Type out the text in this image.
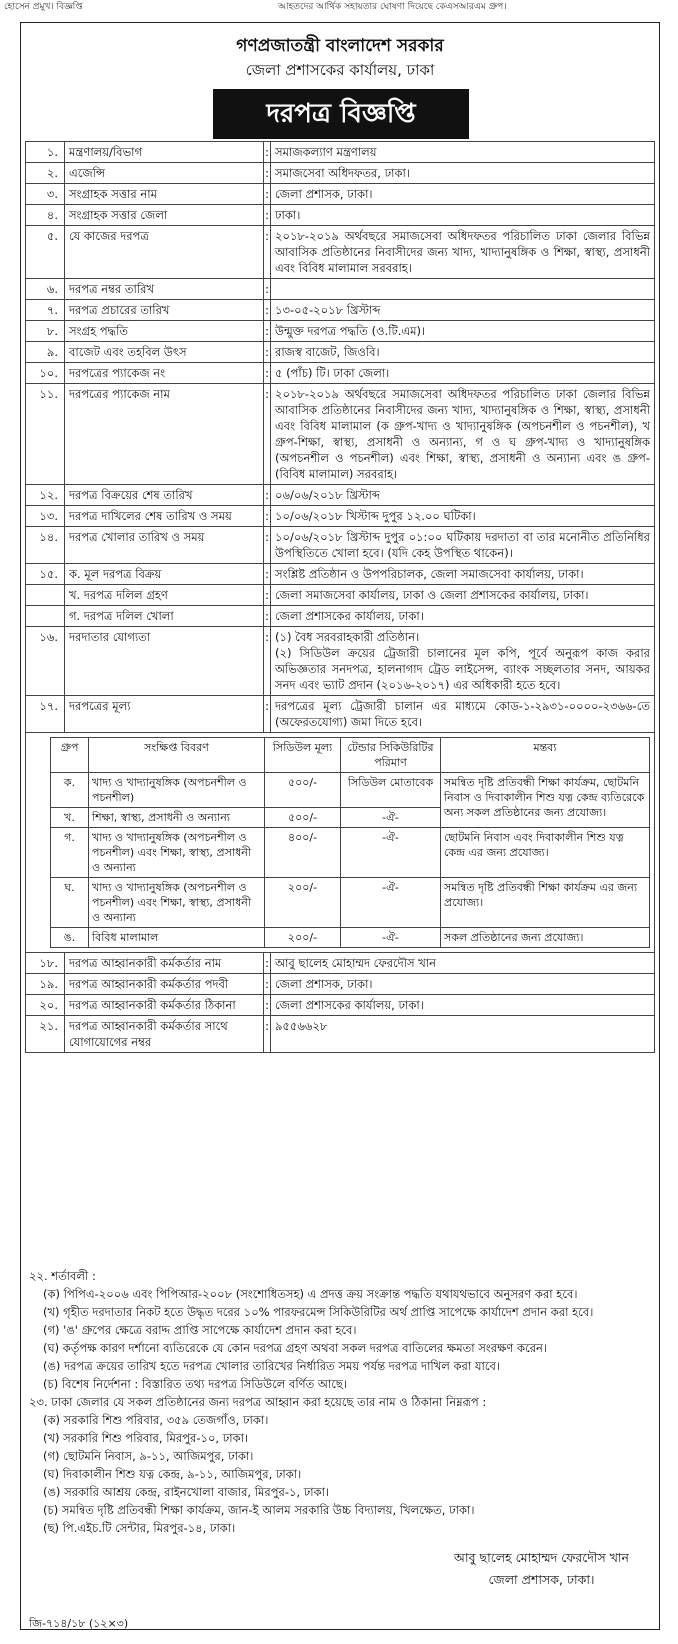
হোসেন প্রমুখ। বিজ্ঞপ্তি	আহতদের আর্থিক সহায়তার ঘোষণা দিয়েছে কেএসআরএম গ্রুপ।
গণপ্রজাতন্ত্রী বাংলাদেশ সরকার
জেলা প্রশাসকের কার্যালয়, ঢাকা
দরপত্র বিজ্ঞপ্তি
১.	মন্ত্রণালয়/বিভাগ	:	সমাজকল্যাণ মন্ত্রণালয়
২.	এজেন্সি	:	সমাজসেবা অধিদফতর, ঢাকা।
৩.	সংগ্রাহক সত্তার নাম	:	জেলা প্রশাসক, ঢাকা।
৪.	সংগ্রাহক সত্তার জেলা	:	ঢাকা।
৫.	যে কাজের দরপত্র	:	২০১৮-২০১৯ অর্থবছরে সমাজসেবা অধিদফতর পরিচালিত ঢাকা জেলার বিভিন্ন আবাসিক প্রতিষ্ঠানের নিবাসীদের জন্য খাদ্য, খাদ্যানুষঙ্গিক ও শিক্ষা, স্বাস্থ্য, প্রসাধনী এবং বিবিধ মালামাল সরবরাহ।
৬.	দরপত্র নম্বর তারিখ	:	
৭.	দরপত্র প্রচারের তারিখ	:	১৩-০৫-২০১৮ খ্রিস্টাব্দ
৮.	সংগ্রহ পদ্ধতি	:	উন্মুক্ত দরপত্র পদ্ধতি (ও.টি.এম)।
৯.	বাজেট এবং তহবিল উৎস	:	রাজস্ব বাজেট, জিওবি।
১০.	দরপত্রের প্যাকেজ নং	:	৫ (পাঁচ) টি। ঢাকা জেলা।
১১.	দরপত্রের প্যাকেজ নাম	:	২০১৮-২০১৯ অর্থবছরে সমাজসেবা অধিদফতর পরিচালিত ঢাকা জেলার বিভিন্ন আবাসিক প্রতিষ্ঠানের নিবাসীদের জন্য খাদ্য, খাদ্যানুষঙ্গিক ও শিক্ষা, স্বাস্থ্য, প্রসাধনী এবং বিবিধ মালামাল (ক গ্রুপ-খাদ্য ও খাদ্যানুষঙ্গিক (অপচনশীল ও পচনশীল), খ গ্রুপ-শিক্ষা, স্বাস্থ্য, প্রসাধনী ও অন্যান্য, গ ও ঘ গ্রুপ-খাদ্য ও খাদ্যানুষঙ্গিক (অপচনশীল ও পচনশীল) এবং শিক্ষা, স্বাস্থ্য, প্রসাধনী ও অন্যান্য এবং ঙ গ্রুপ-(বিবিধ মালামাল) সরবরাহ।
১২.	দরপত্র বিক্রয়ের শেষ তারিখ	:	০৬/০৬/২০১৮ খ্রিস্টাব্দ
১৩.	দরপত্র দাখিলের শেষ তারিখ ও সময়	:	১০/০৬/২০১৮ খিস্টাব্দ দুপুর ১২.০০ ঘটিকা।
১৪.	দরপত্র খোলার তারিখ ও সময়	:	১০/০৬/২০১৮ খ্রিস্টাব্দ দুপুর ০১:০০ ঘটিকায় দরদাতা বা তার মনোনীত প্রতিনিধির উপস্থিতিতে খোলা হবে। (যদি কেহ উপস্থিত থাকেন)।
১৫.	ক. মূল দরপত্র বিক্রয়	:	সংশ্লিষ্ট প্রতিষ্ঠান ও উপপরিচালক, জেলা সমাজসেবা কার্যালয়, ঢাকা।
	খ. দরপত্র দলিল গ্রহণ	:	জেলা সমাজসেবা কার্যালয়, ঢাকা ও জেলা প্রশাসকের কার্যালয়, ঢাকা।
	গ. দরপত্র দলিল খোলা	:	জেলা প্রশাসকের কার্যালয়, ঢাকা।
১৬.	দরদাতার যোগ্যতা	:	(১) বৈধ সরবরাহকারী প্রতিষ্ঠান।
(২) সিডিউল ক্রয়ের ট্রেজারী চালানের মূল কপি, পূর্বে অনুরূপ কাজ করার অভিজ্ঞতার সনদপত্র, হালনাগাদ ট্রেড লাইসেন্স, ব্যাংক সচ্ছলতার সনদ, আয়কর সনদ এবং ভ্যাট প্রদান (২০১৬-২০১৭) এর অধিকারী হতে হবে।

১৭.	দরপত্রের মূল্য	:	দরপত্রের মূল্য ট্রেজারী চালান এর মাধ্যমে কোড-১-২৯৩১-০০০০-২৩৬৬-তে (অফেরতযোগ্য) জমা দিতে হবে।

গ্রুপ	সংক্ষিপ্ত বিবরণ	সিডিউল মূল্য	টেন্ডার সিকিউরিটির পরিমাণ	মন্তব্য
ক.	খাদ্য ও খাদ্যানুষঙ্গিক (অপচনশীল ও পচনশীল)	৫০০/-	সিডিউল মোতাবেক	সমন্বিত দৃষ্টি প্রতিবন্ধী শিক্ষা কার্যক্রম, ছোটমনি নিবাস ও দিবাকালীন শিশু যত্ন কেন্দ্র ব্যতিরেকে অন্য সকল প্রতিষ্ঠানের জন্য প্রযোজ্য।
খ.	শিক্ষা, স্বাস্থ্য, প্রসাধনী ও অন্যান্য	৫০০/-	-ঐ-
গ.	খাদ্য ও খাদ্যানুষঙ্গিক (অপচনশীল ও পচনশীল) এবং শিক্ষা, স্বাস্থ্য, প্রসাধনী ও অন্যান্য	৪০০/-	-ঐ-	ছোটমনি নিবাস এবং দিবাকালীন শিশু যত্ন কেন্দ্র এর জন্য প্রযোজ্য।
ঘ.	খাদ্য ও খাদ্যানুষঙ্গিক (অপচনশীল ও পচনশীল) এবং শিক্ষা, স্বাস্থ্য, প্রসাধনী ও অন্যান্য	২০০/-	-ঐ-	সমন্বিত দৃষ্টি প্রতিবন্ধী শিক্ষা কার্যক্রম এর জন্য প্রযোজ্য।
ঙ.	বিবিধ মালামাল	২০০/-	-ঐ-	সকল প্রতিষ্ঠানের জন্য প্রযোজ্য।

১৮.	দরপত্র আহ্বানকারী কর্মকর্তার নাম	:	আবু ছালেহ মোহাম্মদ ফেরদৌস খান
১৯.	দরপত্র আহ্বানকারী কর্মকর্তার পদবী	:	জেলা প্রশাসক, ঢাকা।
২০.	দরপত্র আহ্বানকারী কর্মকর্তার ঠিকানা	:	জেলা প্রশাসকের কার্যালয়, ঢাকা।
২১.	দরপত্র আহ্বানকারী কর্মকর্তার সাথে যোগাযোগের নম্বর	:	৯৫৫৬৬২৮
২২. শর্তাবলী :
(ক) পিপিএ-২০০৬ এবং পিপিআর-২০০৮ (সংশোধিতসহ) এ প্রদত্ত ক্রয় সংক্রান্ত পদ্ধতি যথাযথভাবে অনুসরণ করা হবে।
(খ) গৃহীত দরদাতার নিকট হতে উদ্ধৃত দরের ১০% পারফরমেন্স সিকিউরিটির অর্থ প্রাপ্তি সাপেক্ষে কার্যাদেশ প্রদান করা হবে।
(গ) 'ঙ' গ্রুপের ক্ষেত্রে বরাদ্দ প্রাপ্তি সাপেক্ষে কার্যাদেশ প্রদান করা হবে।
(ঘ) কর্তৃপক্ষ কারণ দর্শানো ব্যতিরেকে যে কোন দরপত্র গ্রহণ অথবা সকল দরপত্র বাতিলের ক্ষমতা সংরক্ষণ করেন।
(ঙ) দরপত্র ক্রয়ের তারিখ হতে দরপত্র খোলার তারিখের নির্ধারিত সময় পর্যন্ত দরপত্র দাখিল করা যাবে।
(চ) বিশেষ নির্দেশনা : বিস্তারিত তথ্য দরপত্র সিডিউলে বর্ণিত আছে।
২৩. ঢাকা জেলার যে সকল প্রতিষ্ঠানের জন্য দরপত্র আহ্বান করা হয়েছে তার নাম ও ঠিকানা নিম্নরূপ :
(ক) সরকারি শিশু পরিবার, ৩৫৯ তেজগাঁও, ঢাকা।
(খ) সরকারি শিশু পরিবার, মিরপুর-১০, ঢাকা।
(গ) ছোটমনি নিবাস, ৯-১১, আজিমপুর, ঢাকা।
(ঘ) দিবাকালীন শিশু যত্ন কেন্দ্র, ৯-১১, আজিমপুর, ঢাকা।
(ঙ) সরকারি আশ্রয় কেন্দ্র, রাইনখোলা বাজার, মিরপুর-১, ঢাকা।
(চ) সমন্বিত দৃষ্টি প্রতিবন্ধী শিক্ষা কার্যক্রম, জান-ই আলম সরকারি উচ্চ বিদ্যালয়, খিলক্ষেত, ঢাকা।
(ছ) পি.এইচ.টি সেন্টার, মিরপুর-১৪, ঢাকা।
আবু ছালেহ মোহাম্মদ ফেরদৌস খান
জেলা প্রশাসক, ঢাকা।
জি-৭১৪/১৮ (১২×৩)
